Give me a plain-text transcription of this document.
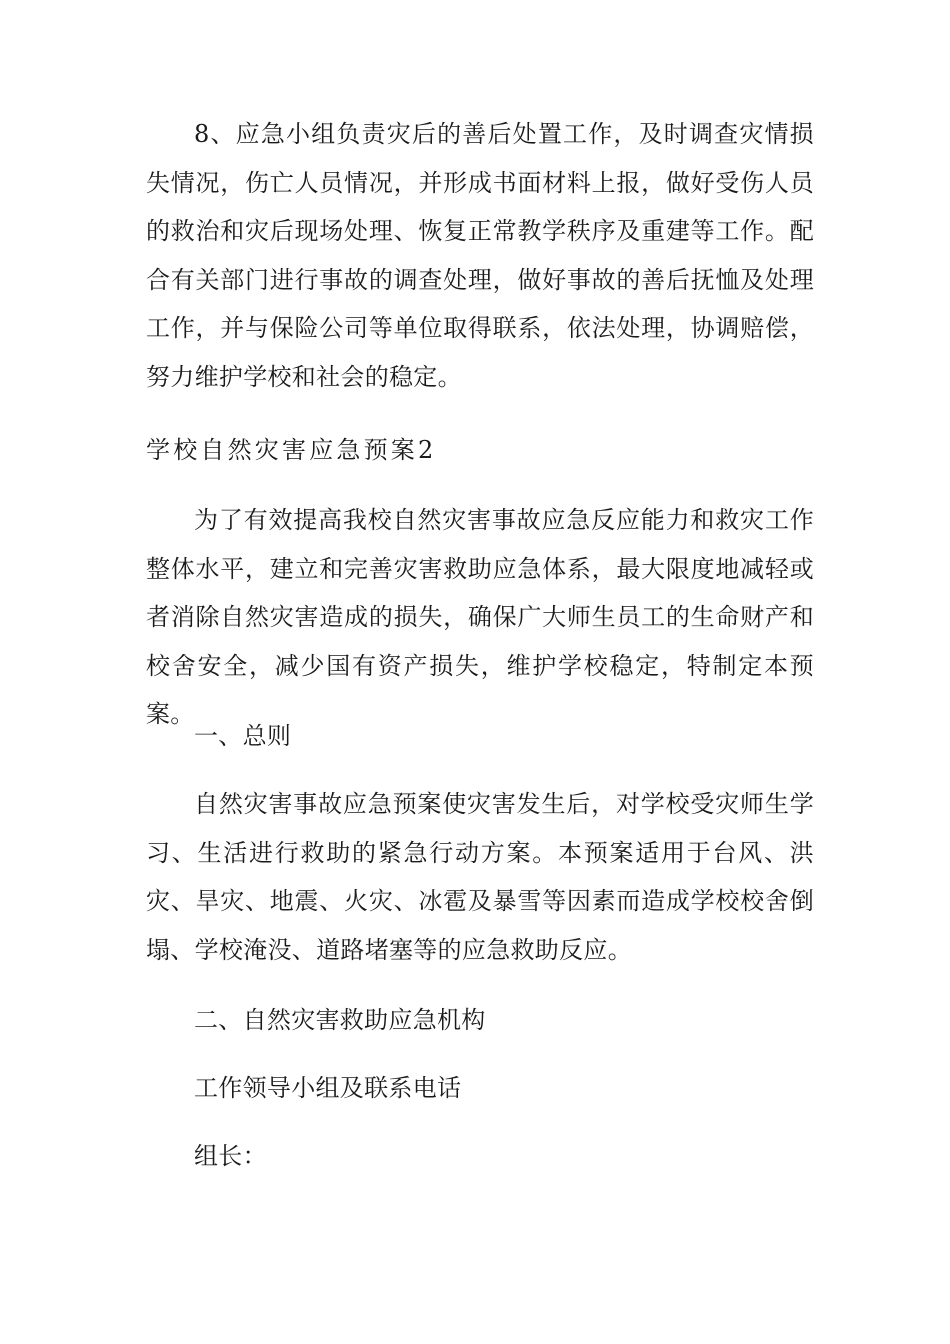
8、应急小组负责灾后的善后处置工作，及时调查灾情损失情况，伤亡人员情况，并形成书面材料上报，做好受伤人员的救治和灾后现场处理、恢复正常教学秩序及重建等工作。配合有关部门进行事故的调查处理，做好事故的善后抚恤及处理工作，并与保险公司等单位取得联系，依法处理，协调赔偿，努力维护学校和社会的稳定。

学校自然灾害应急预案2

为了有效提高我校自然灾害事故应急反应能力和救灾工作整体水平，建立和完善灾害救助应急体系，最大限度地减轻或者消除自然灾害造成的损失，确保广大师生员工的生命财产和校舍安全，减少国有资产损失，维护学校稳定，特制定本预案。

一、总则

自然灾害事故应急预案使灾害发生后，对学校受灾师生学习、生活进行救助的紧急行动方案。本预案适用于台风、洪灾、旱灾、地震、火灾、冰雹及暴雪等因素而造成学校校舍倒塌、学校淹没、道路堵塞等的应急救助反应。

二、自然灾害救助应急机构

工作领导小组及联系电话

组长：
